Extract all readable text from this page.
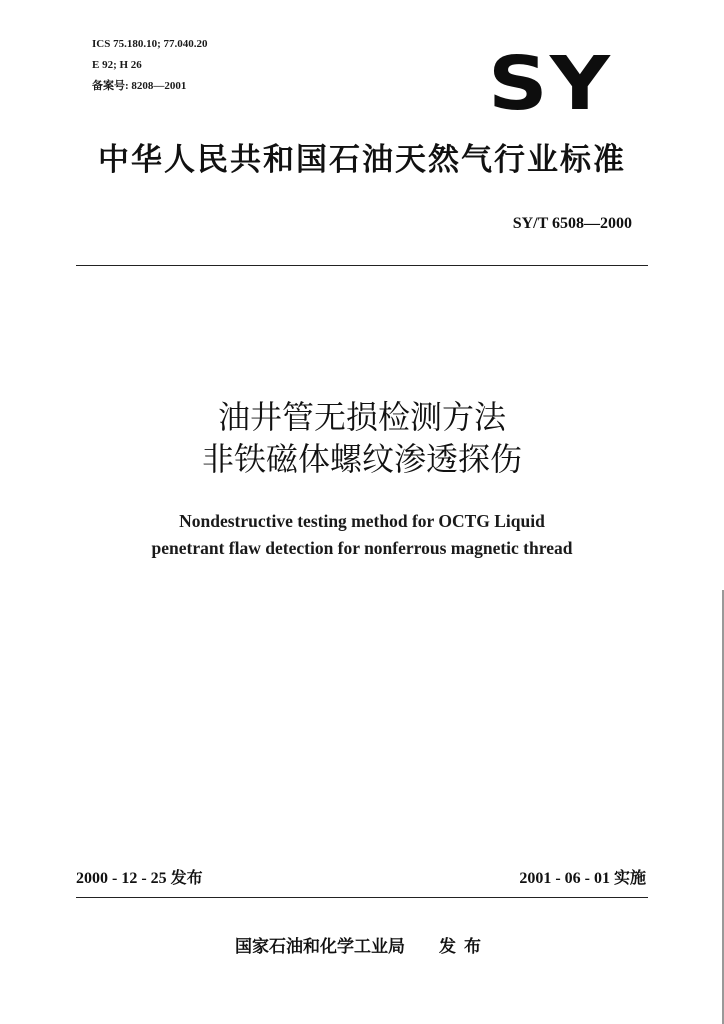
ICS 75.180.10; 77.040.20
E 92; H 26
备案号: 8208—2001	SY
中华人民共和国石油天然气行业标准
SY/T 6508—2000
油井管无损检测方法
非铁磁体螺纹渗透探伤
Nondestructive testing method for OCTG Liquid
penetrant flaw detection for nonferrous magnetic thread
2000 - 12 - 25 发布	2001 - 06 - 01 实施
国家石油和化学工业局 发布
